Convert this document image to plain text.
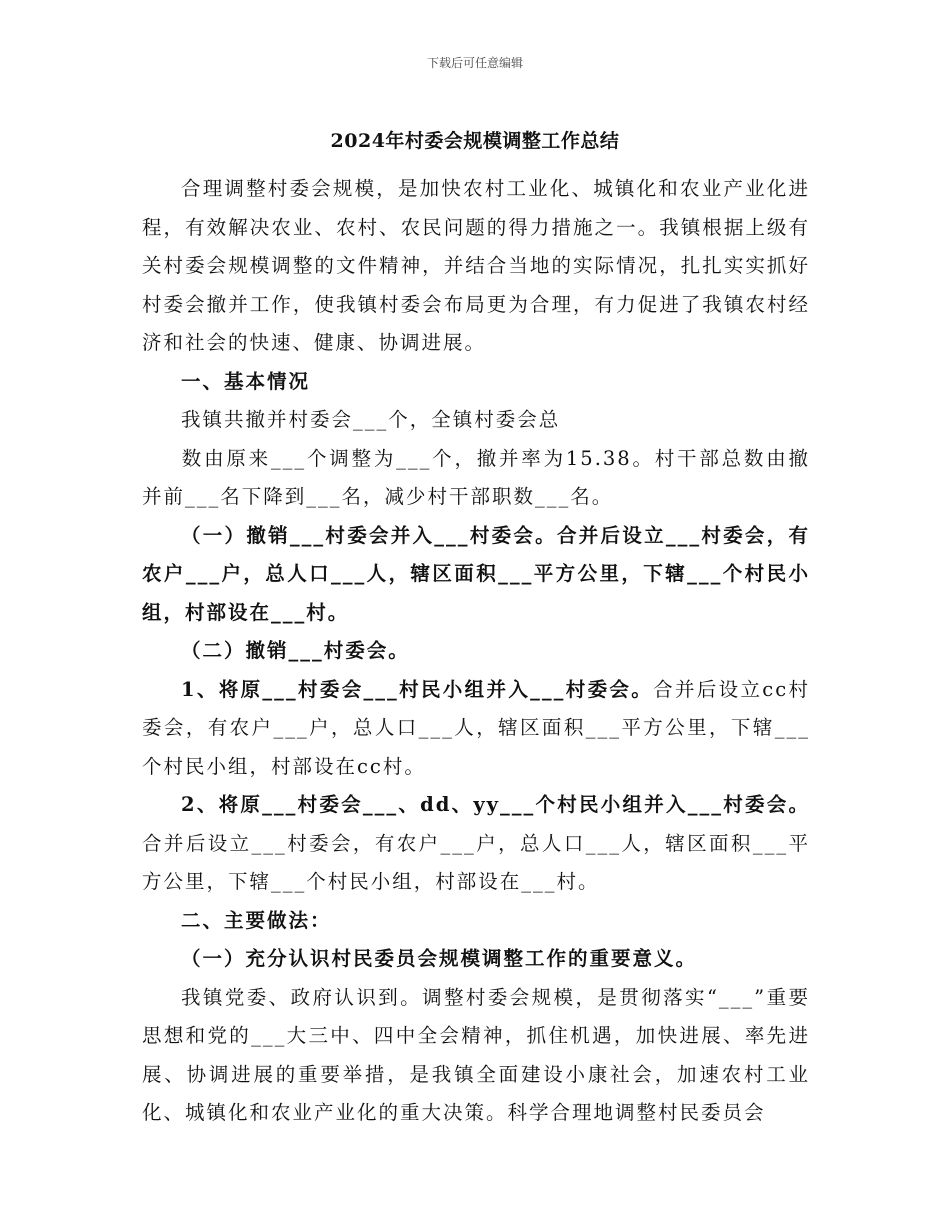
下载后可任意编辑
2024年村委会规模调整工作总结

合理调整村委会规模，是加快农村工业化、城镇化和农业产业化进程，有效解决农业、农村、农民问题的得力措施之一。我镇根据上级有关村委会规模调整的文件精神，并结合当地的实际情况，扎扎实实抓好村委会撤并工作，使我镇村委会布局更为合理，有力促进了我镇农村经济和社会的快速、健康、协调进展。

一、基本情况

我镇共撤并村委会___个，全镇村委会总

数由原来___个调整为___个，撤并率为15.38。村干部总数由撤并前___名下降到___名，减少村干部职数___名。

（一）撤销___村委会并入___村委会。合并后设立___村委会，有农户___户，总人口___人，辖区面积___平方公里，下辖___个村民小组，村部设在___村。

（二）撤销___村委会。

1、将原___村委会___村民小组并入___村委会。合并后设立cc村委会，有农户___户，总人口___人，辖区面积___平方公里，下辖___个村民小组，村部设在cc村。

2、将原___村委会___、dd、yy___个村民小组并入___村委会。合并后设立___村委会，有农户___户，总人口___人，辖区面积___平方公里，下辖___个村民小组，村部设在___村。

二、主要做法：

（一）充分认识村民委员会规模调整工作的重要意义。

我镇党委、政府认识到。调整村委会规模，是贯彻落实“___”重要思想和党的___大三中、四中全会精神，抓住机遇，加快进展、率先进展、协调进展的重要举措，是我镇全面建设小康社会，加速农村工业化、城镇化和农业产业化的重大决策。科学合理地调整村民委员会
